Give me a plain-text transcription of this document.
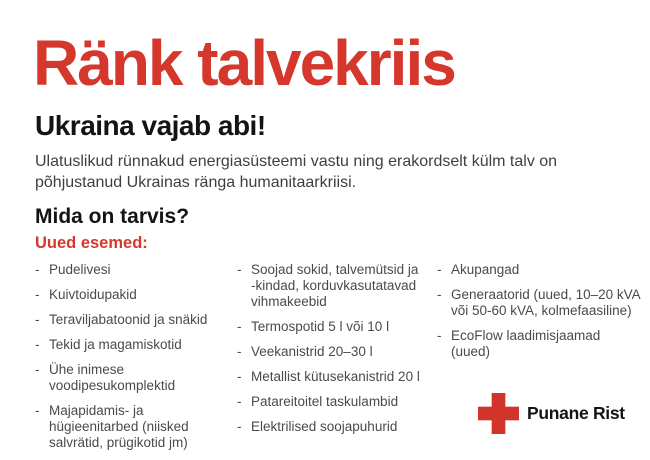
Ränk talvekriis
Ukraina vajab abi!

Ulatuslikud rünnakud energiasüsteemi vastu ning erakordselt külm talv on põhjustanud Ukrainas ränga humanitaarkriisi.

Mida on tarvis?
Uued esemed:
- Pudelivesi
- Kuivtoidupakid
- Teraviljabatoonid ja snäkid
- Tekid ja magamiskotid
- Ühe inimese voodipesukomplektid
- Majapidamis- ja hügieenitarbed (niisked salvrätid, prügikotid jm)
- Soojad sokid, talvemütsid ja -kindad, korduvkasutatavad vihmakeebid
- Termospotid 5 l või 10 l
- Veekanistrid 20–30 l
- Metallist kütusekanistrid 20 l
- Patareitoitel taskulambid
- Elektrilised soojapuhurid
- Akupangad
- Generaatorid (uued, 10–20 kVA või 50-60 kVA, kolmefaasiline)
- EcoFlow laadimisjaamad (uued)
Punane Rist
